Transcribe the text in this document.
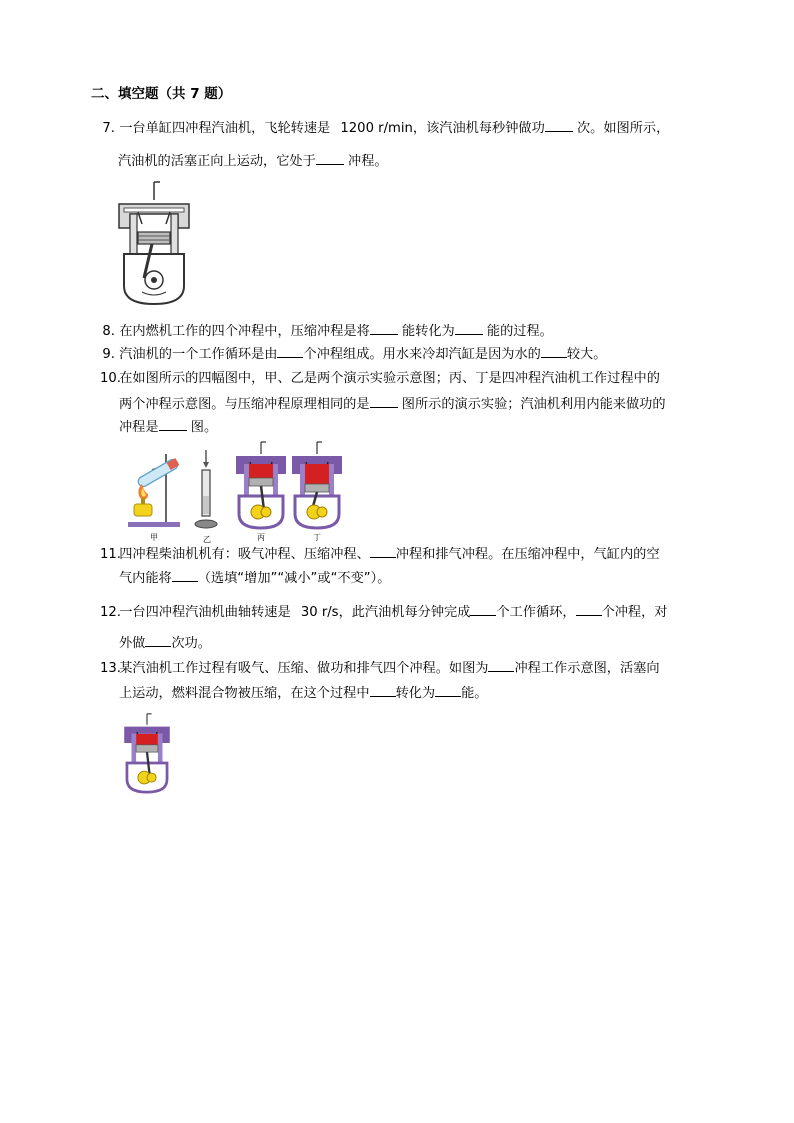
二、填空题（共 7 题）
7. 一台单缸四冲程汽油机，飞轮转速是 1200 r/min，该汽油机每秒钟做功 次。如图所示，
汽油机的活塞正向上运动，它处于 冲程。
8. 在内燃机工作的四个冲程中，压缩冲程是将 能转化为 能的过程。
9. 汽油机的一个工作循环是由 个冲程组成。用水来冷却汽缸是因为水的 较大。
10. 在如图所示的四幅图中，甲、乙是两个演示实验示意图；丙、丁是四冲程汽油机工作过程中的
两个冲程示意图。与压缩冲程原理相同的是 图所示的演示实验；汽油机利用内能来做功的
冲程是 图。
甲	乙	丙	丁
11. 四冲程柴油机机有：吸气冲程、压缩冲程、 冲程和排气冲程。在压缩冲程中，气缸内的空
气内能将 （选填“增加”“减小”或“不变”）。
12. 一台四冲程汽油机曲轴转速是 30 r/s，此汽油机每分钟完成 个工作循环， 个冲程，对
外做 次功。
13. 某汽油机工作过程有吸气、压缩、做功和排气四个冲程。如图为 冲程工作示意图，活塞向
上运动，燃料混合物被压缩，在这个过程中 转化为 能。
